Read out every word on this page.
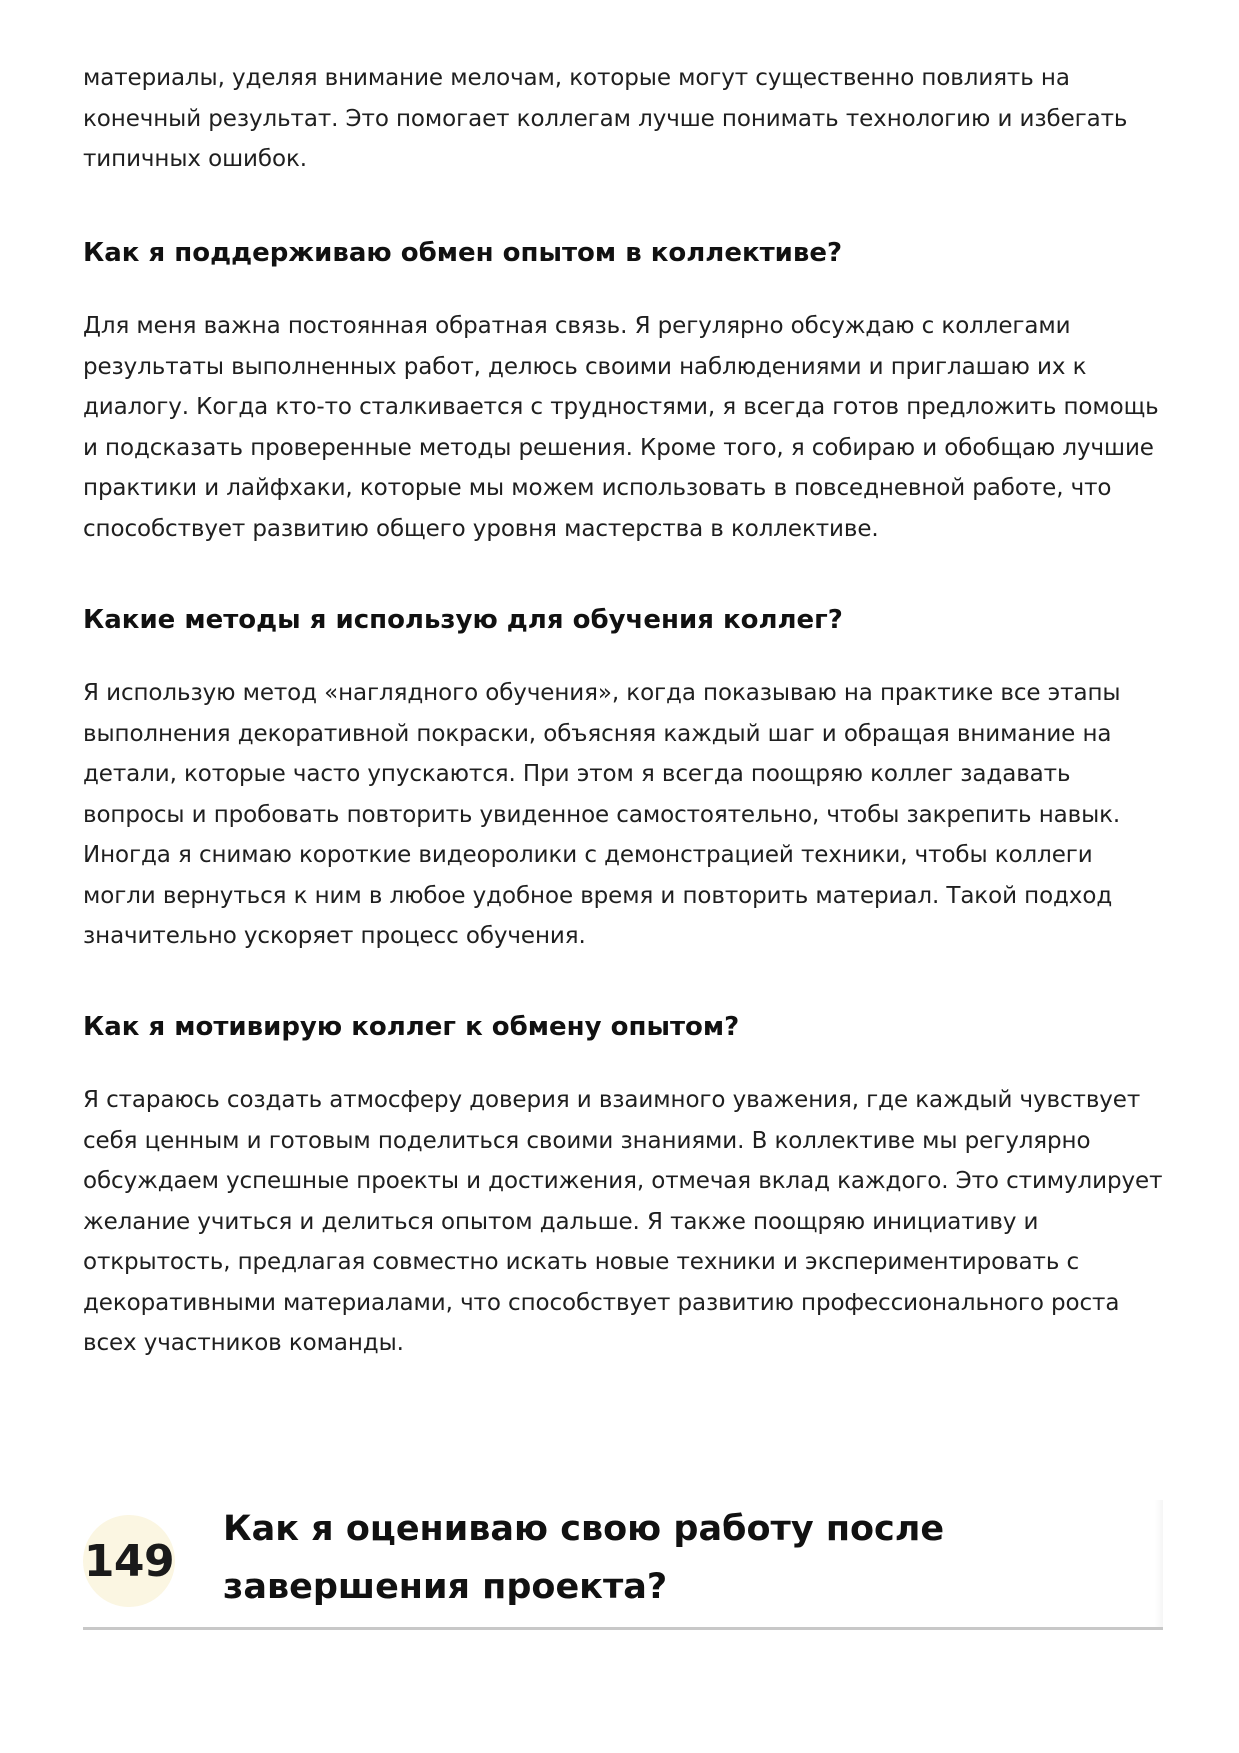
материалы, уделяя внимание мелочам, которые могут существенно повлиять на конечный результат. Это помогает коллегам лучше понимать технологию и избегать типичных ошибок.

Как я поддерживаю обмен опытом в коллективе?

Для меня важна постоянная обратная связь. Я регулярно обсуждаю с коллегами результаты выполненных работ, делюсь своими наблюдениями и приглашаю их к диалогу. Когда кто-то сталкивается с трудностями, я всегда готов предложить помощь и подсказать проверенные методы решения. Кроме того, я собираю и обобщаю лучшие практики и лайфхаки, которые мы можем использовать в повседневной работе, что способствует развитию общего уровня мастерства в коллективе.

Какие методы я использую для обучения коллег?

Я использую метод «наглядного обучения», когда показываю на практике все этапы выполнения декоративной покраски, объясняя каждый шаг и обращая внимание на детали, которые часто упускаются. При этом я всегда поощряю коллег задавать вопросы и пробовать повторить увиденное самостоятельно, чтобы закрепить навык. Иногда я снимаю короткие видеоролики с демонстрацией техники, чтобы коллеги могли вернуться к ним в любое удобное время и повторить материал. Такой подход значительно ускоряет процесс обучения.

Как я мотивирую коллег к обмену опытом?

Я стараюсь создать атмосферу доверия и взаимного уважения, где каждый чувствует себя ценным и готовым поделиться своими знаниями. В коллективе мы регулярно обсуждаем успешные проекты и достижения, отмечая вклад каждого. Это стимулирует желание учиться и делиться опытом дальше. Я также поощряю инициативу и открытость, предлагая совместно искать новые техники и экспериментировать с декоративными материалами, что способствует развитию профессионального роста всех участников команды.

149
Как я оцениваю свою работу после завершения проекта?
